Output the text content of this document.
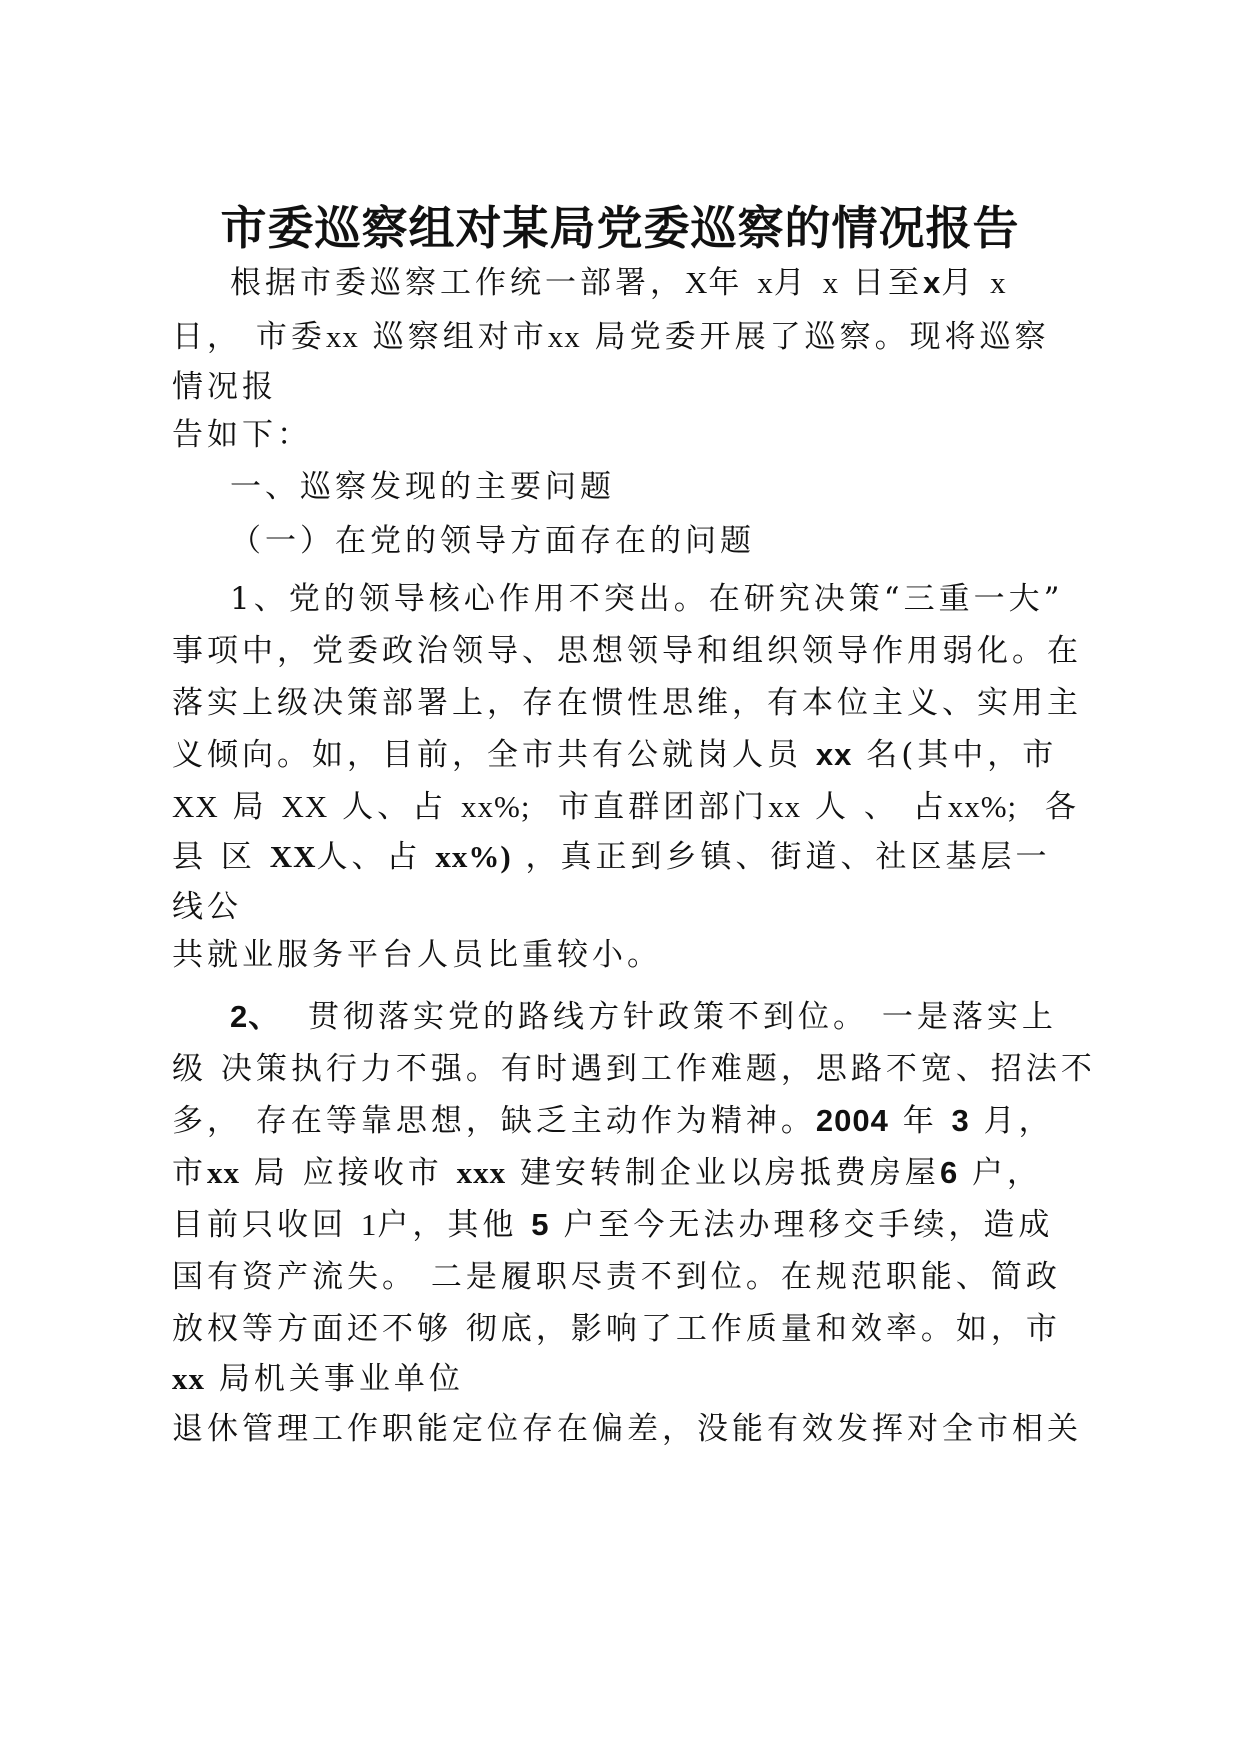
市委巡察组对某局党委巡察的情况报告
根据市委巡察工作统一部署，X年 x月 x 日至x月 x
日， 市委xx 巡察组对市xx 局党委开展了巡察。现将巡察
情况报
告如下：
一、巡察发现的主要问题
（一）在党的领导方面存在的问题
1、党的领导核心作用不突出。在研究决策“三重一大”
事项中，党委政治领导、思想领导和组织领导作用弱化。在
落实上级决策部署上，存在惯性思维，有本位主义、实用主
义倾向。如，目前，全市共有公就岗人员 xx 名(其中，市
XX 局 XX 人、占 xx%; 市直群团部门xx 人 、 占xx%; 各
县 区 XX人、占 xx%) ，真正到乡镇、街道、社区基层一
线公
共就业服务平台人员比重较小。
2、 贯彻落实党的路线方针政策不到位。 一是落实上
级 决策执行力不强。有时遇到工作难题，思路不宽、招法不
多， 存在等靠思想，缺乏主动作为精神。2004 年 3 月，
市xx 局 应接收市 xxx 建安转制企业以房抵费房屋6 户，
目前只收回 1户，其他 5 户至今无法办理移交手续，造成
国有资产流失。 二是履职尽责不到位。在规范职能、简政
放权等方面还不够 彻底，影响了工作质量和效率。如，市
xx 局机关事业单位
退休管理工作职能定位存在偏差，没能有效发挥对全市相关
